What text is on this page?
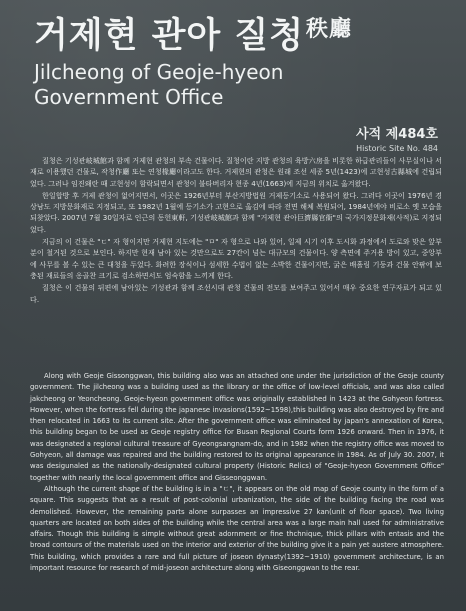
거제현 관아 질청$^{秩廳}$
Jilcheong of Geoje-hyeon
Government Office
사적 제484호
Historic Site No. 484

질청은 기성관岐城館과 함께 거제현 관청의 부속 건물이다. 질청이란 지방 관청의 육방六房을 비롯한 하급관리들이 사무실이나 서재로 이용했던 건물로, 작청作廳 또는 연청椽廳이라고도 한다. 거제현의 관청은 원래 조선 세종 5년(1423)에 고현성古縣城에 건립되었다. 그러나 임진왜란 때 고현성이 함락되면서 관청이 불타버리자 현종 4년(1663)에 지금의 위치로 옮겨왔다.

한일합방 후 거제 관청이 없어지면서, 이곳은 1926년부터 부산지방법원 거제등기소로 사용되어 왔다. 그러다 이곳이 1976년 경상남도 지방문화재로 지정되고, 또 1982년 1월에 등기소가 고현으로 옮김에 따라 전면 해체 복원되어, 1984년에야 비로소 옛 모습을 되찾았다. 2007년 7월 30일자로 인근의 동헌東軒, 기성관岐城館과 함께 "거제현 관아巨濟縣官衙"의 국가지정문화재(사적)로 지정되었다.

지금의 이 건물은 "ㄷ" 자 형이지만 거제현 지도에는 "ㅁ" 자 형으로 나와 있어, 일제 시기 이후 도시화 과정에서 도로와 맞은 앞부분이 철거된 것으로 보인다. 하지만 현재 남아 있는 것만으로도 27칸이 넘는 대규모의 건물이다. 양 측면에 주거용 방이 있고, 중앙부에 사무를 볼 수 있는 큰 대청을 두었다. 화려한 장식이나 섬세한 수법이 없는 소박한 건물이지만, 굵은 배흘림 기둥과 건물 안팎에 보충된 재료들의 옹골찬 크기로 검소하면서도 엄숙함을 느끼게 한다.

질청은 이 건물의 뒤편에 남아있는 기성관과 함께 조선시대 관청 건물의 전모를 보여주고 있어서 매우 중요한 연구자료가 되고 있다.

Along with Geoje Gissonggwan, this building also was an attached one under the jurisdiction of the Geoje county government. The jilcheong was a building used as the library or the office of low-level officials, and was also called jakcheong or Yeoncheong. Geoje-hyeon government office was originally established in 1423 at the Gohyeon fortress. However, when the fortress fell during the japanese invasions(1592~1598),this building was also destroyed by fire and then relocated in 1663 to its current site. After the government office was eliminated by japan's annexation of Korea, this building began to be used as Geoje registry office for Busan Regional Courts form 1926 onward. Then in 1976, it was designated a regional cultural treasure of Gyeongsangnam-do, and in 1982 when the registry office was moved to Gohyeon, all damage was repaired and the building restored to its original appearance in 1984. As of July 30. 2007, it was desigunaled as the nationally-designated cultural property (Historic Relics) of "Geoje-hyeon Government Office" together with nearly the local government office and Gisseonggwan.

Although the current shape of the building is in a "ㄷ", it appears on the old map of Geoje county in the form of a square. This suggests that as a result of post-colonial urbanization, the side of the building facing the road was demolished. However, the remaining parts alone surpasses an impressive 27 kan(unit of floor space). Two living quarters are located on both sides of the building while the central area was a large main hall used for administrative affairs. Though this building is simple without great adornment or fine thchnique, thick pillars with entasis and the broad contours of the materials used on the interior and exterior of the building give it a pain yet austere atmosphere. This building, which provides a rare and full picture of joseon dynasty(1392~1910) government architecture, is an important resource for research of mid-joseon architecture along with Giseonggwan to the rear.
